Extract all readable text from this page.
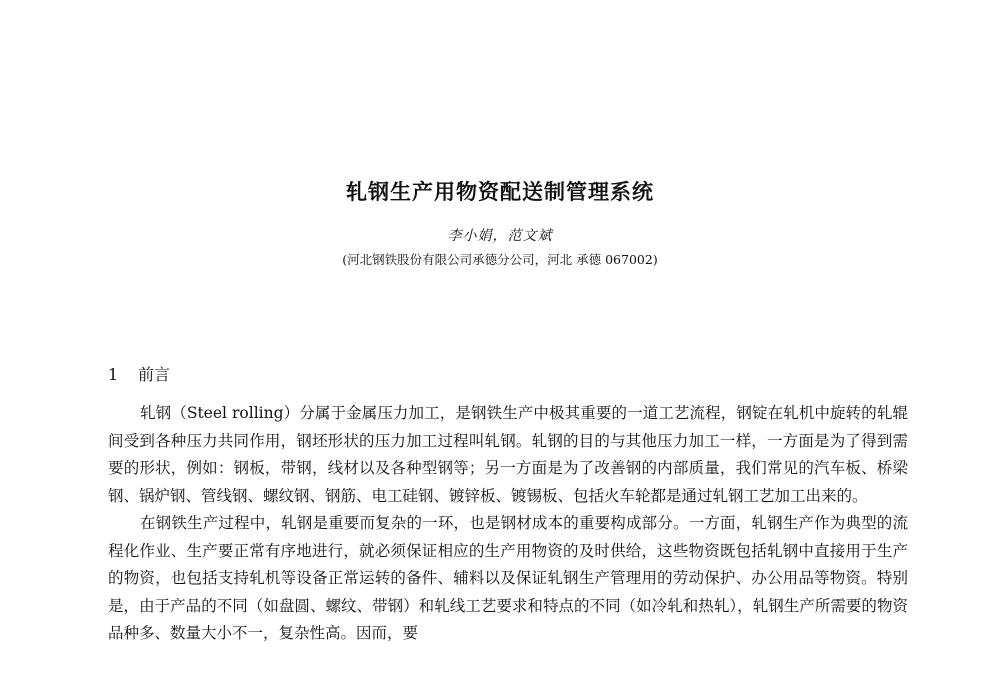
轧钢生产用物资配送制管理系统
李小娟，范文斌
(河北钢铁股份有限公司承德分公司，河北 承德 067002)
1 前言

轧钢（Steel rolling）分属于金属压力加工，是钢铁生产中极其重要的一道工艺流程，钢锭在轧机中旋转的轧辊间受到各种压力共同作用，钢坯形状的压力加工过程叫轧钢。轧钢的目的与其他压力加工一样，一方面是为了得到需要的形状，例如：钢板，带钢，线材以及各种型钢等；另一方面是为了改善钢的内部质量，我们常见的汽车板、桥梁钢、锅炉钢、管线钢、螺纹钢、钢筋、电工硅钢、镀锌板、镀锡板、包括火车轮都是通过轧钢工艺加工出来的。

在钢铁生产过程中，轧钢是重要而复杂的一环，也是钢材成本的重要构成部分。一方面，轧钢生产作为典型的流程化作业、生产要正常有序地进行，就必须保证相应的生产用物资的及时供给，这些物资既包括轧钢中直接用于生产的物资，也包括支持轧机等设备正常运转的备件、辅料以及保证轧钢生产管理用的劳动保护、办公用品等物资。特别是，由于产品的不同（如盘圆、螺纹、带钢）和轧线工艺要求和特点的不同（如冷轧和热轧），轧钢生产所需要的物资品种多、数量大小不一，复杂性高。因而，要
